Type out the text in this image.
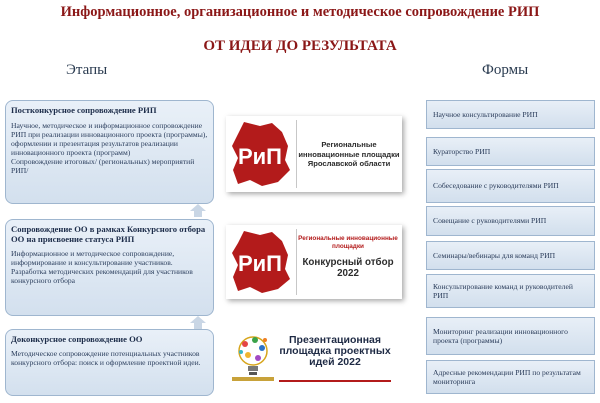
Информационное, организационное и методическое сопровождение РИП
ОТ ИДЕИ ДО РЕЗУЛЬТАТА
Этапы	Формы
Постконкурсное сопровождение РИП

Научное, методическое и информационное сопровождение РИП при реализации инновационного проекта (программы), оформлении и презентация результатов реализации инновационного проекта (программ)

Сопровождение итоговых/ (региональных) мероприятий РИП/

Сопровождение ОО в рамках Конкурсного отбора ОО на присвоение статуса РИП

Информационное и методическое сопровождение, информирование и консультирование участников.

Разработка методических рекомендаций для участников конкурсного отбора

Доконкурсное сопровождение ОО

Методическое сопровождение потенциальных участников конкурсного отбора: поиск и оформление проектной идеи.

РиП	Региональные инновационные площадки Ярославской области
РиП
Региональные инновационные площадки
Конкурсный отбор 2022
Презентационная площадка проектных идей 2022
Научное консультирование РИП
Кураторство РИП
Собеседование с руководителями РИП
Совещание с руководителями РИП
Семинары/вебинары для команд РИП
Консультирование команд и руководителей РИП
Мониторинг реализации инновационного проекта (программы)
Адресные рекомендации РИП по результатам мониторинга
